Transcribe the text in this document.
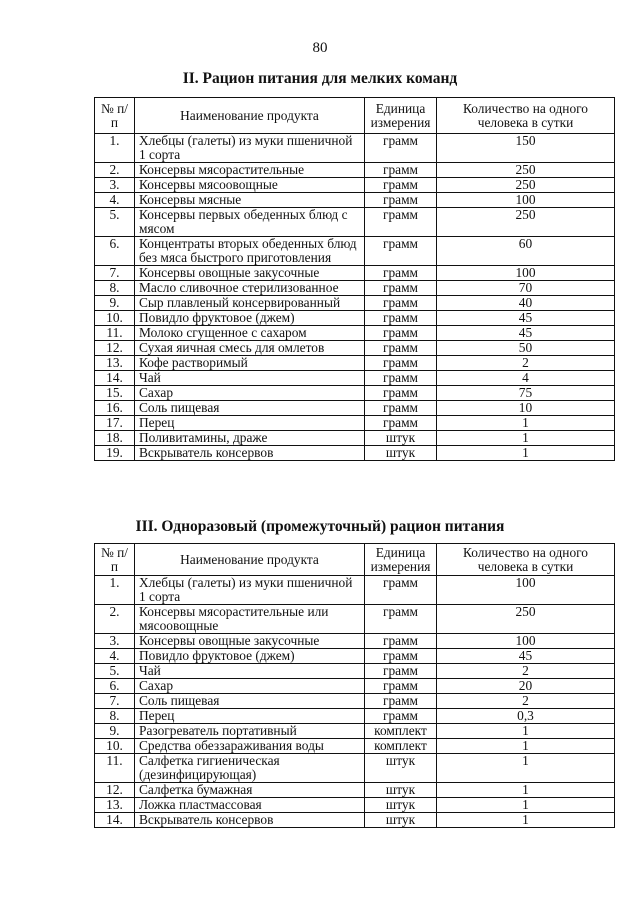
80
II. Рацион питания для мелких команд
№ п/п	Наименование продукта	Единица измерения	Количество на одного человека в сутки
1.	Хлебцы (галеты) из муки пшеничной 1 сорта	грамм	150
2.	Консервы мясорастительные	грамм	250
3.	Консервы мясоовощные	грамм	250
4.	Консервы мясные	грамм	100
5.	Консервы первых обеденных блюд с мясом	грамм	250
6.	Концентраты вторых обеденных блюд без мяса быстрого приготовления	грамм	60
7.	Консервы овощные закусочные	грамм	100
8.	Масло сливочное стерилизованное	грамм	70
9.	Сыр плавленый консервированный	грамм	40
10.	Повидло фруктовое (джем)	грамм	45
11.	Молоко сгущенное с сахаром	грамм	45
12.	Сухая яичная смесь для омлетов	грамм	50
13.	Кофе растворимый	грамм	2
14.	Чай	грамм	4
15.	Сахар	грамм	75
16.	Соль пищевая	грамм	10
17.	Перец	грамм	1
18.	Поливитамины, драже	штук	1
19.	Вскрыватель консервов	штук	1
III. Одноразовый (промежуточный) рацион питания
№ п/п	Наименование продукта	Единица измерения	Количество на одного человека в сутки
1.	Хлебцы (галеты) из муки пшеничной 1 сорта	грамм	100
2.	Консервы мясорастительные или мясоовощные	грамм	250
3.	Консервы овощные закусочные	грамм	100
4.	Повидло фруктовое (джем)	грамм	45
5.	Чай	грамм	2
6.	Сахар	грамм	20
7.	Соль пищевая	грамм	2
8.	Перец	грамм	0,3
9.	Разогреватель портативный	комплект	1
10.	Средства обеззараживания воды	комплект	1
11.	Салфетка гигиеническая (дезинфицирующая)	штук	1
12.	Салфетка бумажная	штук	1
13.	Ложка пластмассовая	штук	1
14.	Вскрыватель консервов	штук	1
